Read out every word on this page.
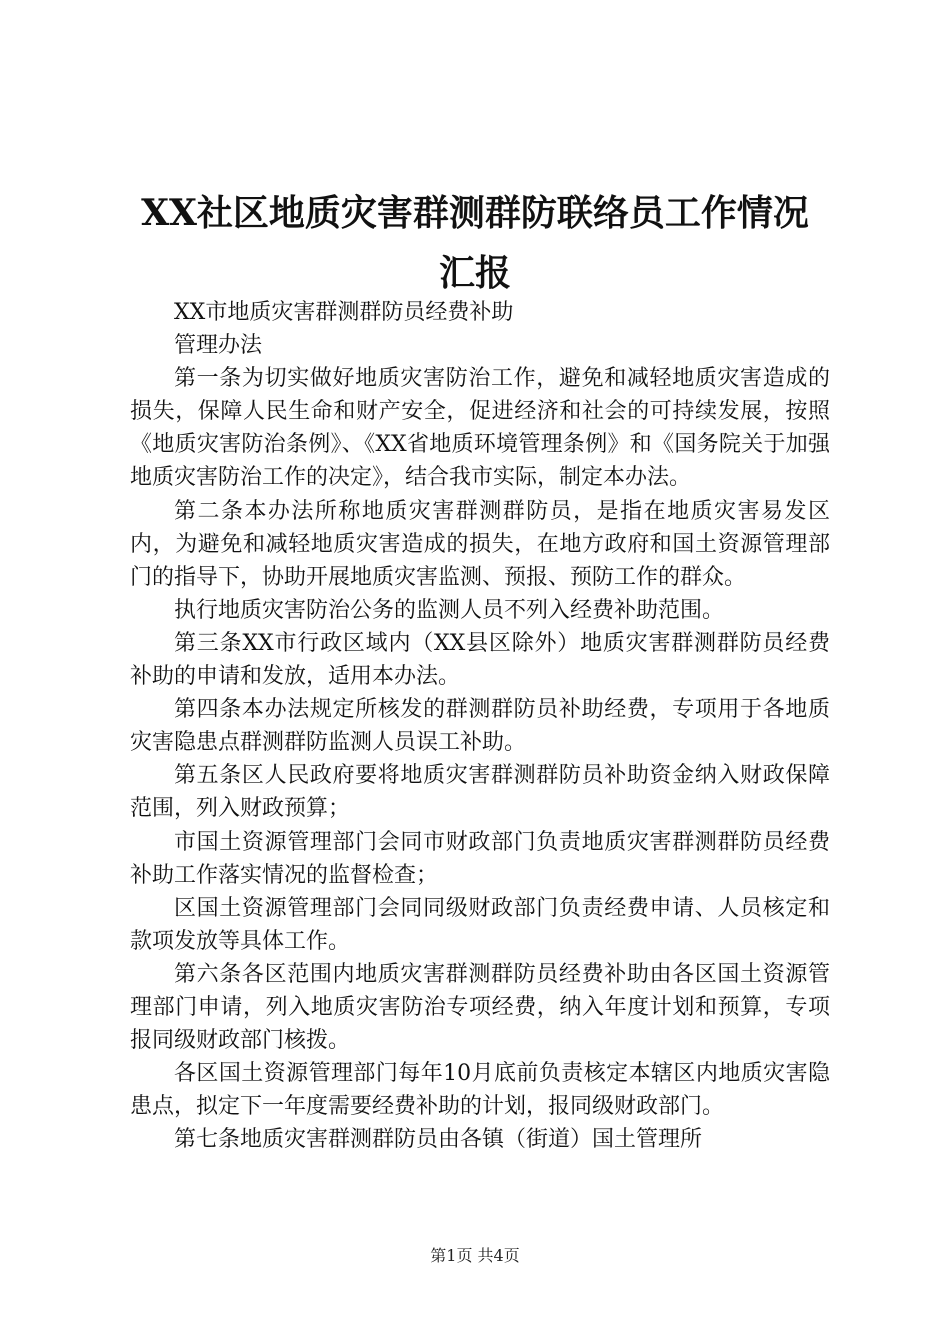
XX社区地质灾害群测群防联络员工作情况汇报

XX市地质灾害群测群防员经费补助

管理办法

第一条为切实做好地质灾害防治工作，避免和减轻地质灾害造成的损失，保障人民生命和财产安全，促进经济和社会的可持续发展，按照《地质灾害防治条例》、《XX省地质环境管理条例》和《国务院关于加强地质灾害防治工作的决定》，结合我市实际，制定本办法。

第二条本办法所称地质灾害群测群防员，是指在地质灾害易发区内，为避免和减轻地质灾害造成的损失，在地方政府和国土资源管理部门的指导下，协助开展地质灾害监测、预报、预防工作的群众。

执行地质灾害防治公务的监测人员不列入经费补助范围。

第三条XX市行政区域内（XX县区除外）地质灾害群测群防员经费补助的申请和发放，适用本办法。

第四条本办法规定所核发的群测群防员补助经费，专项用于各地质灾害隐患点群测群防监测人员误工补助。

第五条区人民政府要将地质灾害群测群防员补助资金纳入财政保障范围，列入财政预算；

市国土资源管理部门会同市财政部门负责地质灾害群测群防员经费补助工作落实情况的监督检查；

区国土资源管理部门会同同级财政部门负责经费申请、人员核定和款项发放等具体工作。

第六条各区范围内地质灾害群测群防员经费补助由各区国土资源管理部门申请，列入地质灾害防治专项经费，纳入年度计划和预算，专项报同级财政部门核拨。

各区国土资源管理部门每年10月底前负责核定本辖区内地质灾害隐患点，拟定下一年度需要经费补助的计划，报同级财政部门。

第七条地质灾害群测群防员由各镇（街道）国土管理所

第1页 共4页
